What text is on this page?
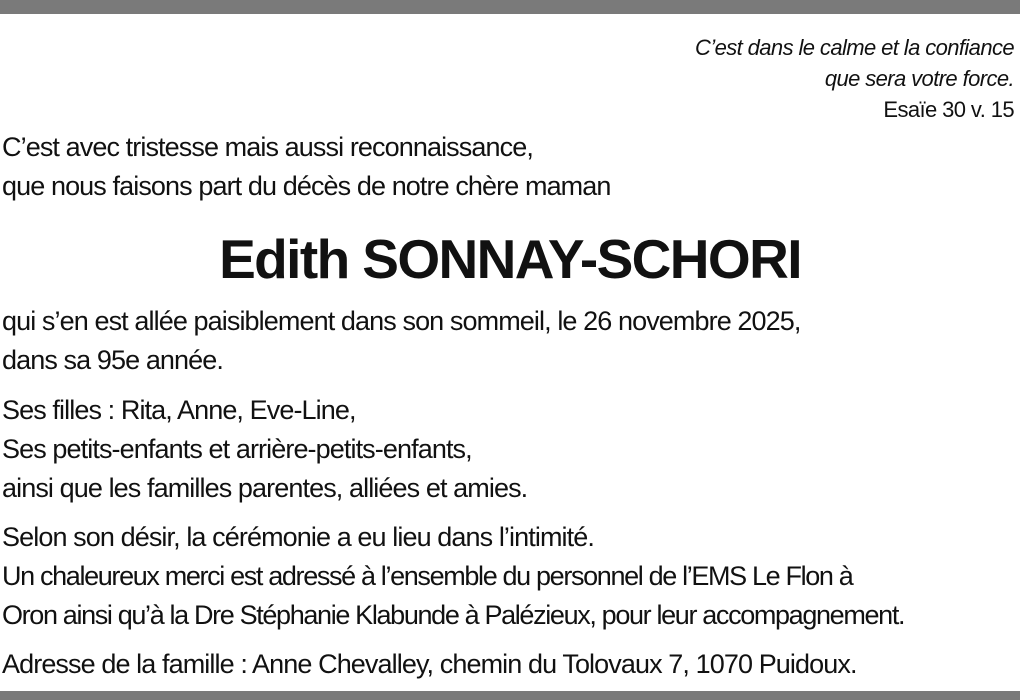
C’est dans le calme et la confiance
que sera votre force.
Esaïe 30 v. 15
C’est avec tristesse mais aussi reconnaissance,
que nous faisons part du décès de notre chère maman
Edith SONNAY-SCHORI
qui s’en est allée paisiblement dans son sommeil, le 26 novembre 2025,
dans sa 95e année.
Ses filles : Rita, Anne, Eve-Line,
Ses petits-enfants et arrière-petits-enfants,
ainsi que les familles parentes, alliées et amies.
Selon son désir, la cérémonie a eu lieu dans l’intimité.
Un chaleureux merci est adressé à l’ensemble du personnel de l’EMS Le Flon à
Oron ainsi qu’à la Dre Stéphanie Klabunde à Palézieux, pour leur accompagnement.
Adresse de la famille : Anne Chevalley, chemin du Tolovaux 7, 1070 Puidoux.
